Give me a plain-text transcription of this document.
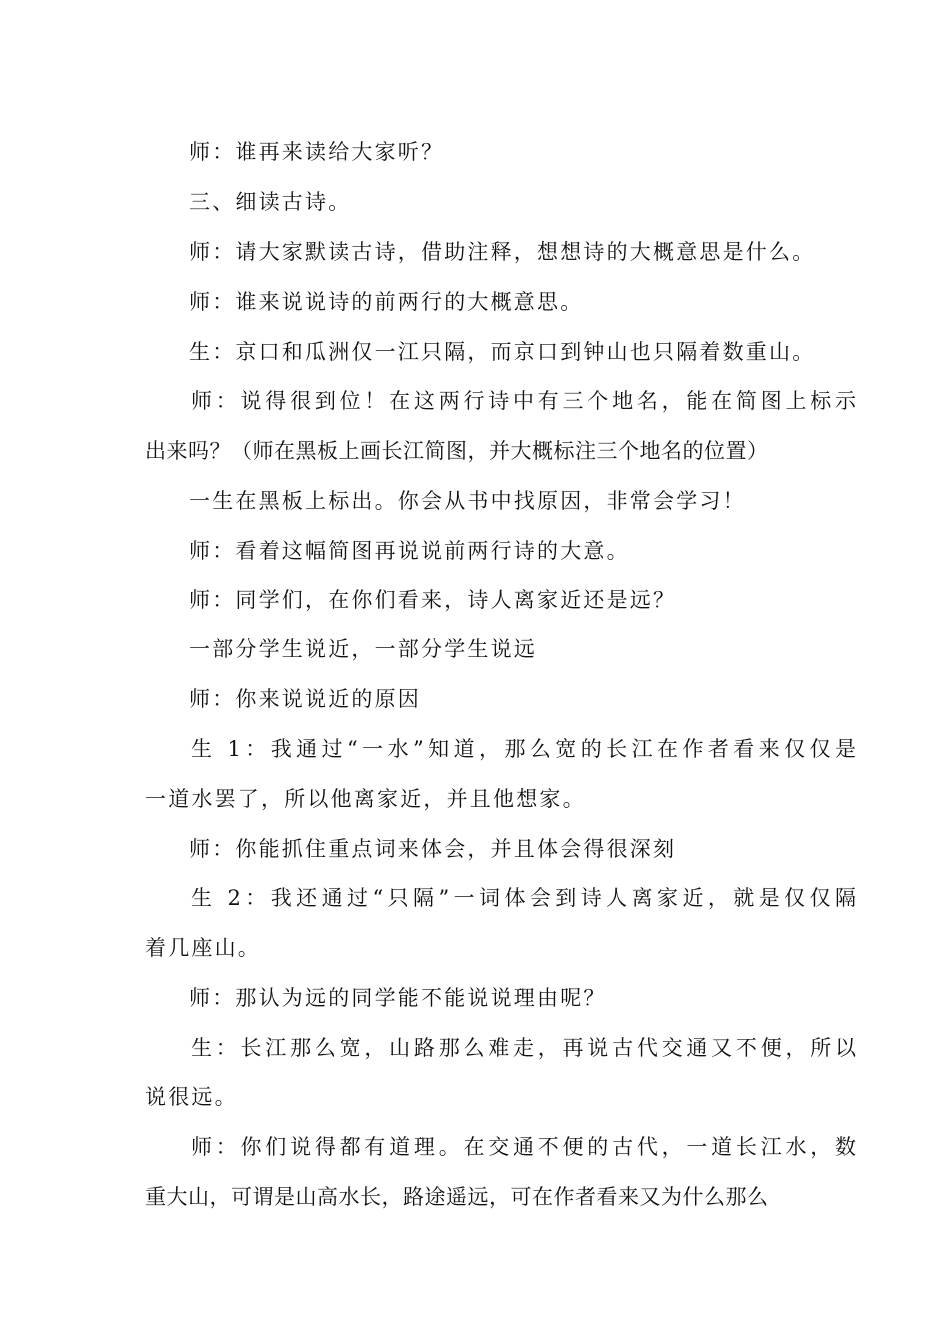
师：谁再来读给大家听？
三、细读古诗。
师：请大家默读古诗，借助注释，想想诗的大概意思是什么。
师：谁来说说诗的前两行的大概意思。
生：京口和瓜洲仅一江只隔，而京口到钟山也只隔着数重山。
师：说得很到位！在这两行诗中有三个地名，能在简图上标示
出来吗？（师在黑板上画长江简图，并大概标注三个地名的位置）
一生在黑板上标出。你会从书中找原因，非常会学习！
师：看着这幅简图再说说前两行诗的大意。
师：同学们，在你们看来，诗人离家近还是远？
一部分学生说近，一部分学生说远
师：你来说说近的原因
生 1：我通过“一水”知道，那么宽的长江在作者看来仅仅是
一道水罢了，所以他离家近，并且他想家。
师：你能抓住重点词来体会，并且体会得很深刻
生 2：我还通过“只隔”一词体会到诗人离家近，就是仅仅隔
着几座山。
师：那认为远的同学能不能说说理由呢？
生：长江那么宽，山路那么难走，再说古代交通又不便，所以
说很远。
师：你们说得都有道理。在交通不便的古代，一道长江水，数
重大山，可谓是山高水长，路途遥远，可在作者看来又为什么那么
